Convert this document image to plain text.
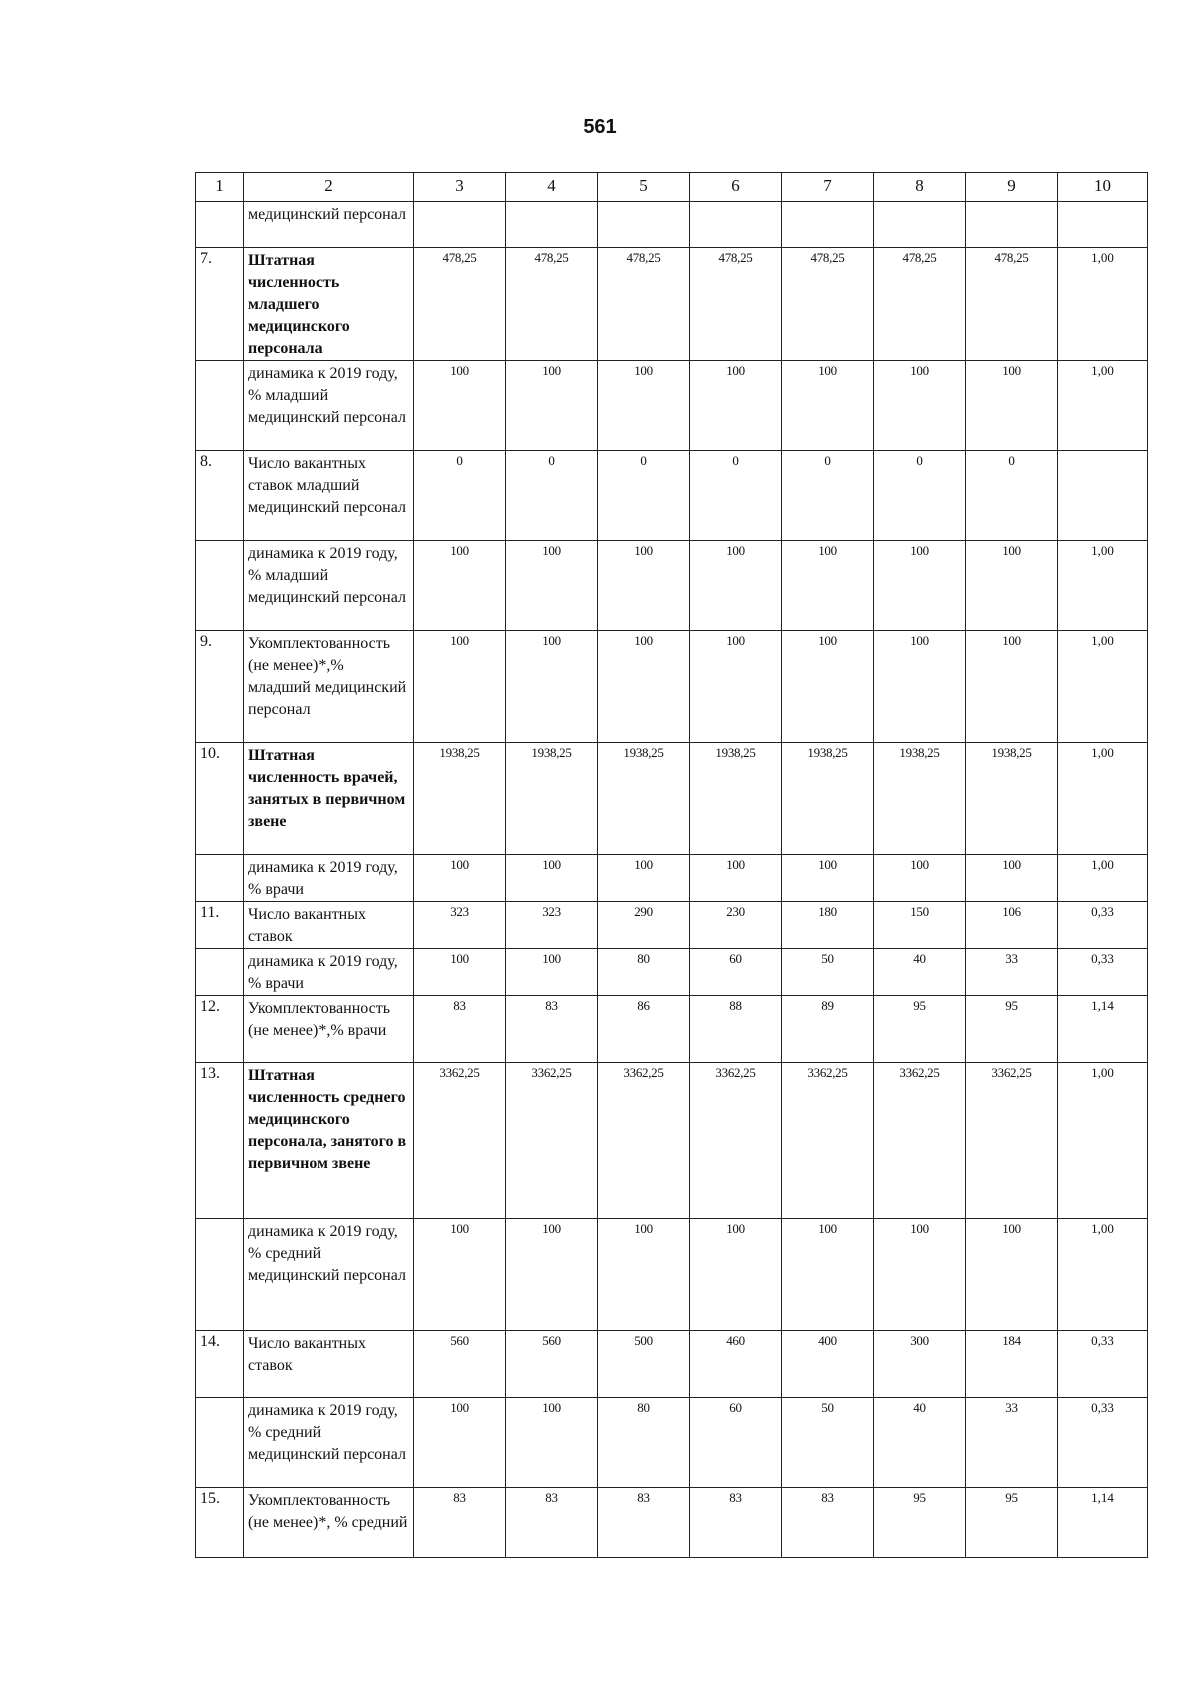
561
1	2	3	4	5	6	7	8	9	10
	медицинский персонал								
7.	Штатная численность младшего медицинского персонала	478,25	478,25	478,25	478,25	478,25	478,25	478,25	1,00
	динамика к 2019 году, % младший медицинский персонал	100	100	100	100	100	100	100	1,00
8.	Число вакантных ставок младший медицинский персонал	0	0	0	0	0	0	0	
	динамика к 2019 году, % младший медицинский персонал	100	100	100	100	100	100	100	1,00
9.	Укомплектованность (не менее)*,% младший медицинский персонал	100	100	100	100	100	100	100	1,00
10.	Штатная численность врачей, занятых в первичном звене	1938,25	1938,25	1938,25	1938,25	1938,25	1938,25	1938,25	1,00
	динамика к 2019 году, % врачи	100	100	100	100	100	100	100	1,00
11.	Число вакантных ставок	323	323	290	230	180	150	106	0,33
	динамика к 2019 году, % врачи	100	100	80	60	50	40	33	0,33
12.	Укомплектованность (не менее)*,% врачи	83	83	86	88	89	95	95	1,14
13.	Штатная численность среднего медицинского персонала, занятого в первичном звене	3362,25	3362,25	3362,25	3362,25	3362,25	3362,25	3362,25	1,00
	динамика к 2019 году, % средний медицинский персонал	100	100	100	100	100	100	100	1,00
14.	Число вакантных ставок	560	560	500	460	400	300	184	0,33
	динамика к 2019 году, % средний медицинский персонал	100	100	80	60	50	40	33	0,33
15.	Укомплектованность (не менее)*, % средний	83	83	83	83	83	95	95	1,14
